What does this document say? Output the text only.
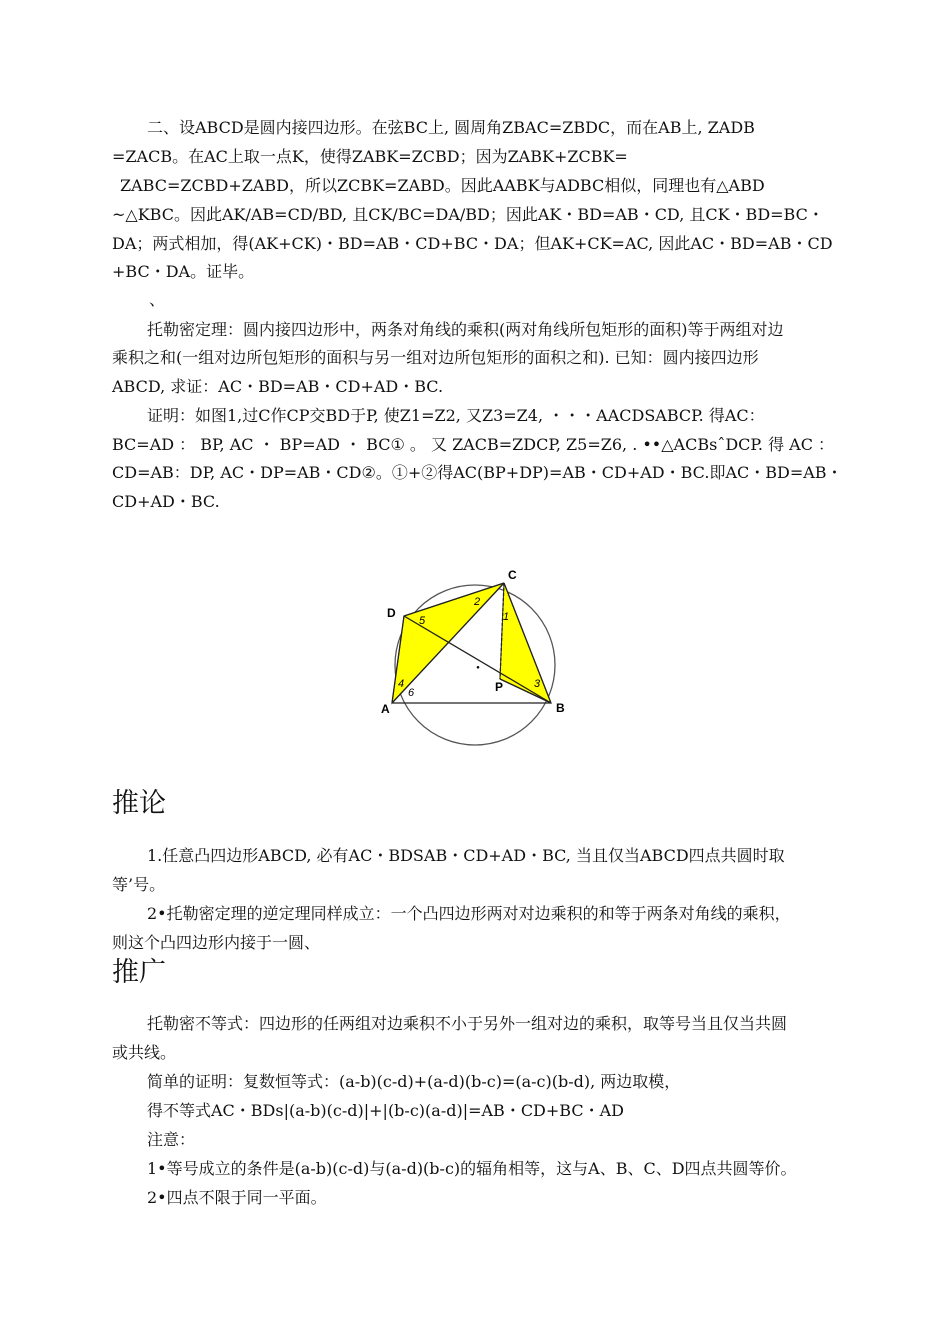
二、设ABCD是圆内接四边形。在弦BC上, 圆周角ZBAC=ZBDC，而在AB上, ZADB
=ZACB。在AC上取一点K，使得ZABK=ZCBD；因为ZABK+ZCBK=
ZABC=ZCBD+ZABD，所以ZCBK=ZABD。因此AABK与ADBC相似，同理也有△ABD
~△KBC。因此AK/AB=CD/BD, 且CK/BC=DA/BD；因此AK・BD=AB・CD, 且CK・BD=BC・
DA；两式相加，得(AK+CK)・BD=AB・CD+BC・DA；但AK+CK=AC, 因此AC・BD=AB・CD
+BC・DA。证毕。
、
托勒密定理：圆内接四边形中，两条对角线的乘积(两对角线所包矩形的面积)等于两组对边
乘积之和(一组对边所包矩形的面积与另一组对边所包矩形的面积之和). 已知：圆内接四边形
ABCD, 求证：AC・BD=AB・CD+AD・BC.
证明：如图1,过C作CP交BD于P, 使Z1=Z2, 又Z3=Z4, ・・・AACDSABCP. 得AC：
BC=AD ： BP, AC ・ BP=AD ・ BC① 。 又 ZACB=ZDCP, Z5=Z6, . ••△ACBsˆDCP. 得 AC ：
CD=AB：DP, AC・DP=AB・CD②。①+②得AC(BP+DP)=AB・CD+AD・BC.即AC・BD=AB・
CD+AD・BC.
・
A	B
C
D
P
1
2
3
4
5
6
推论
1.任意凸四边形ABCD, 必有AC・BDSAB・CD+AD・BC, 当且仅当ABCD四点共圆时取
等’号。
2•托勒密定理的逆定理同样成立：一个凸四边形两对对边乘积的和等于两条对角线的乘积，
则这个凸四边形内接于一圆、
推广
托勒密不等式：四边形的任两组对边乘积不小于另外一组对边的乘积，取等号当且仅当共圆
或共线。
简单的证明：复数恒等式：(a-b)(c-d)+(a-d)(b-c)=(a-c)(b-d), 两边取模，
得不等式AC・BDs|(a-b)(c-d)|+|(b-c)(a-d)|=AB・CD+BC・AD
注意：
1•等号成立的条件是(a-b)(c-d)与(a-d)(b-c)的辐角相等，这与A、B、C、D四点共圆等价。
2•四点不限于同一平面。
